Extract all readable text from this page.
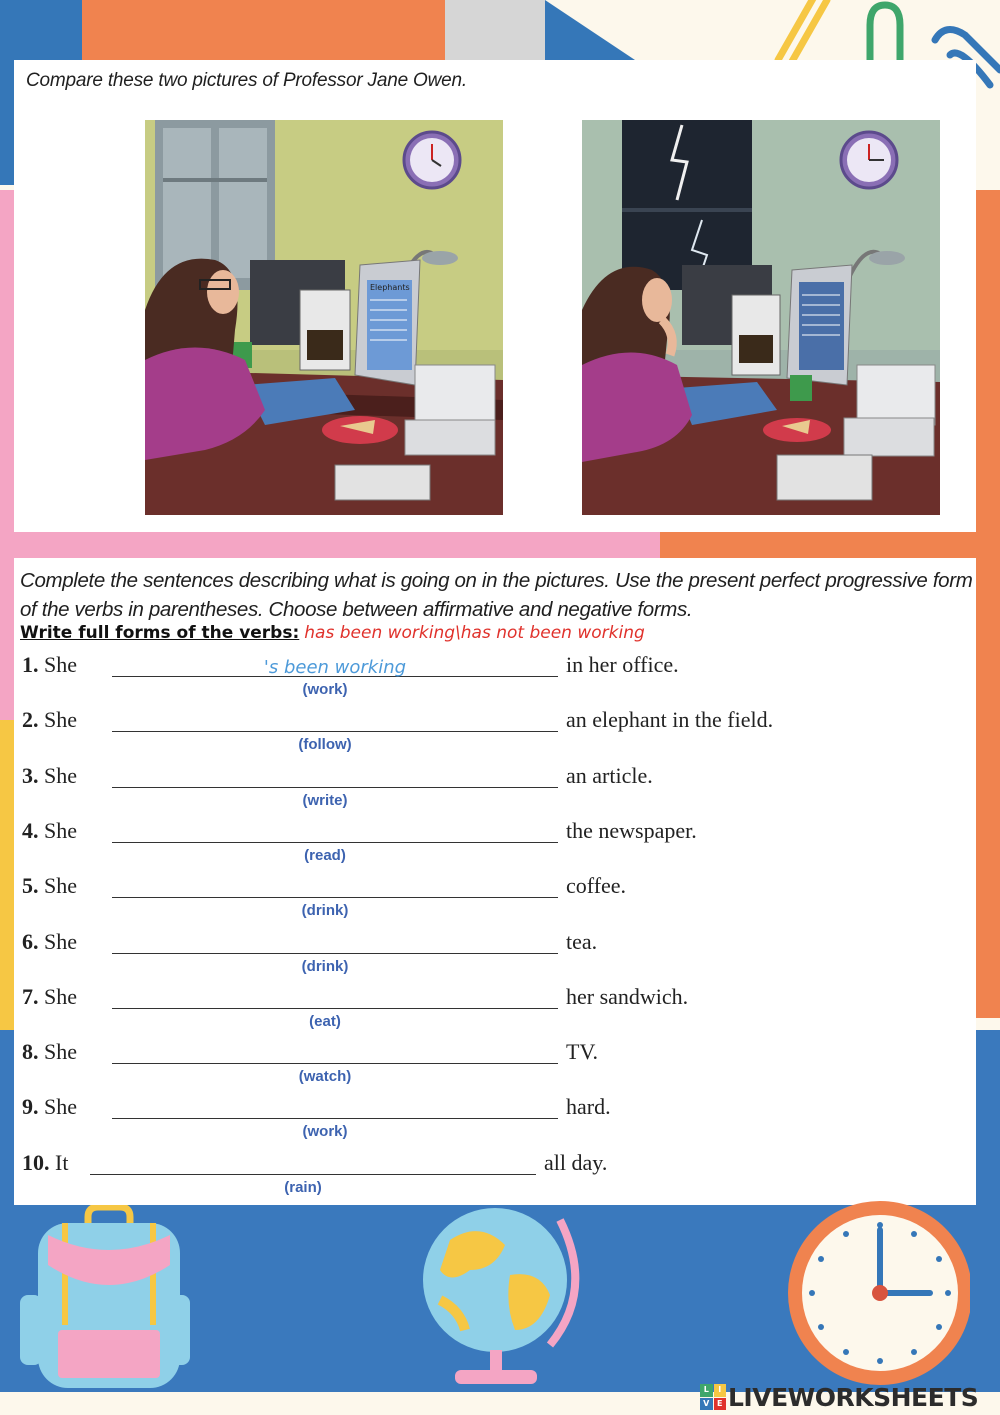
Compare these two pictures of Professor Jane Owen.
Elephants
Complete the sentences describing what is going on in the pictures. Use the present perfect progressive form of the verbs in parentheses. Choose between affirmative and negative forms.
Write full forms of the verbs: has been working\has not been working
1. She
's been working
(work)
in her office.
2. She
(follow)
an elephant in the field.
3. She
(write)
an article.
4. She
(read)
the newspaper.
5. She
(drink)
coffee.
6. She
(drink)
tea.
7. She
(eat)
her sandwich.
8. She
(watch)
TV.
9. She
(work)
hard.
10. It
(rain)
all day.
L	I
V E LIVEWORKSHEETS
